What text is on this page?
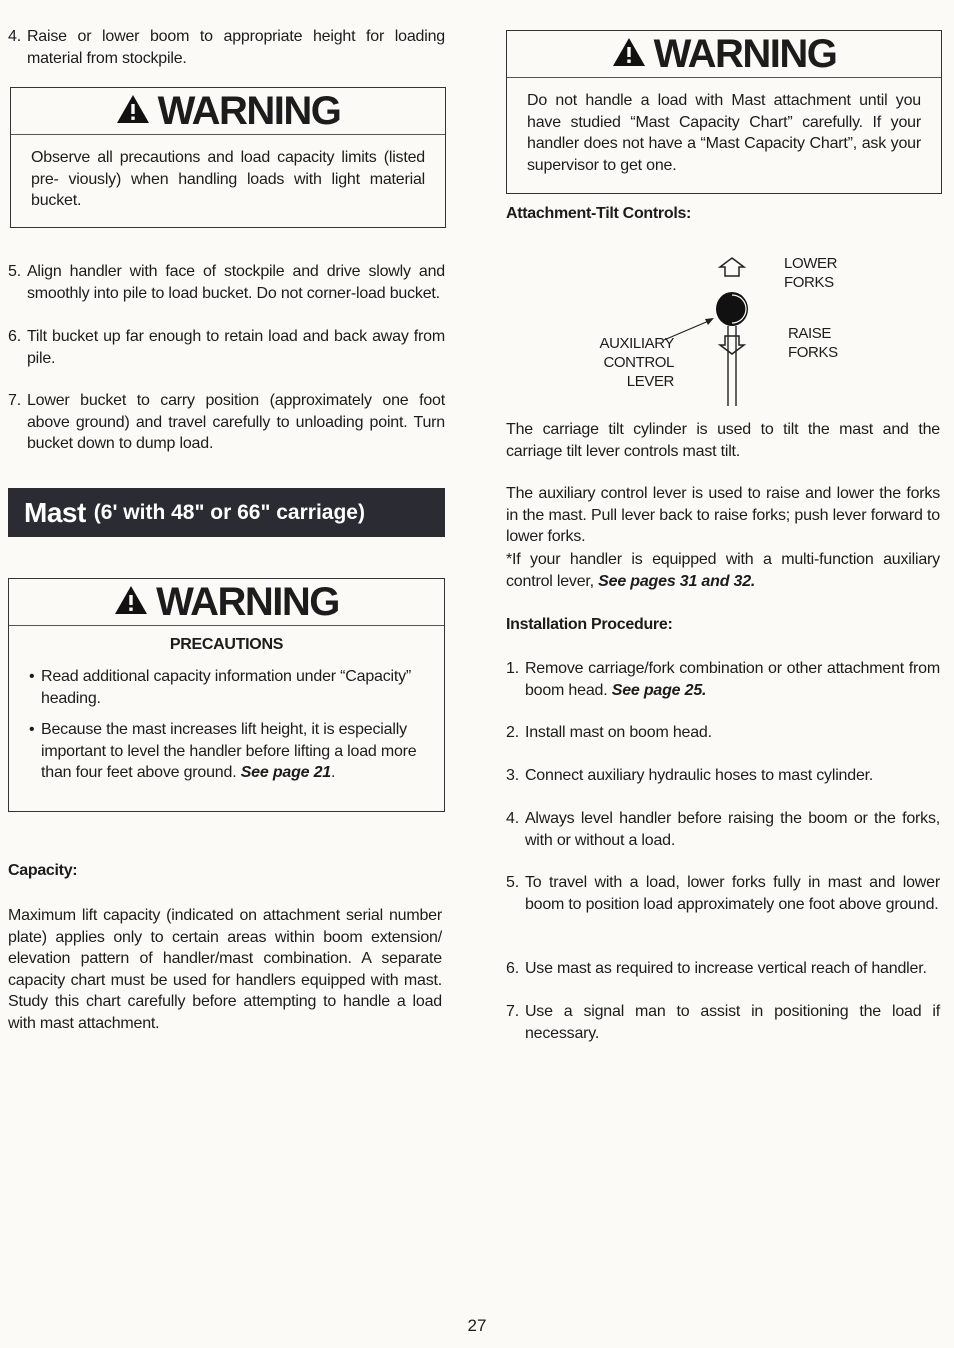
4. Raise or lower boom to appropriate height for loading material from stockpile.
WARNING
Observe all precautions and load capacity limits (listed pre- viously) when handling loads with light material bucket.
5. Align handler with face of stockpile and drive slowly and smoothly into pile to load bucket. Do not corner-load bucket.
6. Tilt bucket up far enough to retain load and back away from pile.
7. Lower bucket to carry position (approximately one foot above ground) and travel carefully to unloading point. Turn bucket down to dump load.
Mast (6' with 48" or 66" carriage)
WARNING
PRECAUTIONS
• Read additional capacity information under “Capacity” heading.
• Because the mast increases lift height, it is especially important to level the handler before lifting a load more than four feet above ground. See page 21.
Capacity:
Maximum lift capacity (indicated on attachment serial number plate) applies only to certain areas within boom extension/ elevation pattern of handler/mast combination. A separate capacity chart must be used for handlers equipped with mast. Study this chart carefully before attempting to handle a load with mast attachment.
WARNING
Do not handle a load with Mast attachment until you have studied “Mast Capacity Chart” carefully. If your handler does not have a “Mast Capacity Chart”, ask your supervisor to get one.
Attachment-Tilt Controls:
LOWER
FORKS
RAISE
FORKS
AUXILIARY
CONTROL LEVER
The carriage tilt cylinder is used to tilt the mast and the carriage tilt lever controls mast tilt.
The auxiliary control lever is used to raise and lower the forks in the mast. Pull lever back to raise forks; push lever forward to lower forks.
*If your handler is equipped with a multi-function auxiliary control lever, See pages 31 and 32.
Installation Procedure:
1. Remove carriage/fork combination or other attachment from boom head. See page 25.
2. Install mast on boom head.
3. Connect auxiliary hydraulic hoses to mast cylinder.
4. Always level handler before raising the boom or the forks, with or without a load.
5. To travel with a load, lower forks fully in mast and lower boom to position load approximately one foot above ground.
6. Use mast as required to increase vertical reach of handler.
7. Use a signal man to assist in positioning the load if necessary.
27
